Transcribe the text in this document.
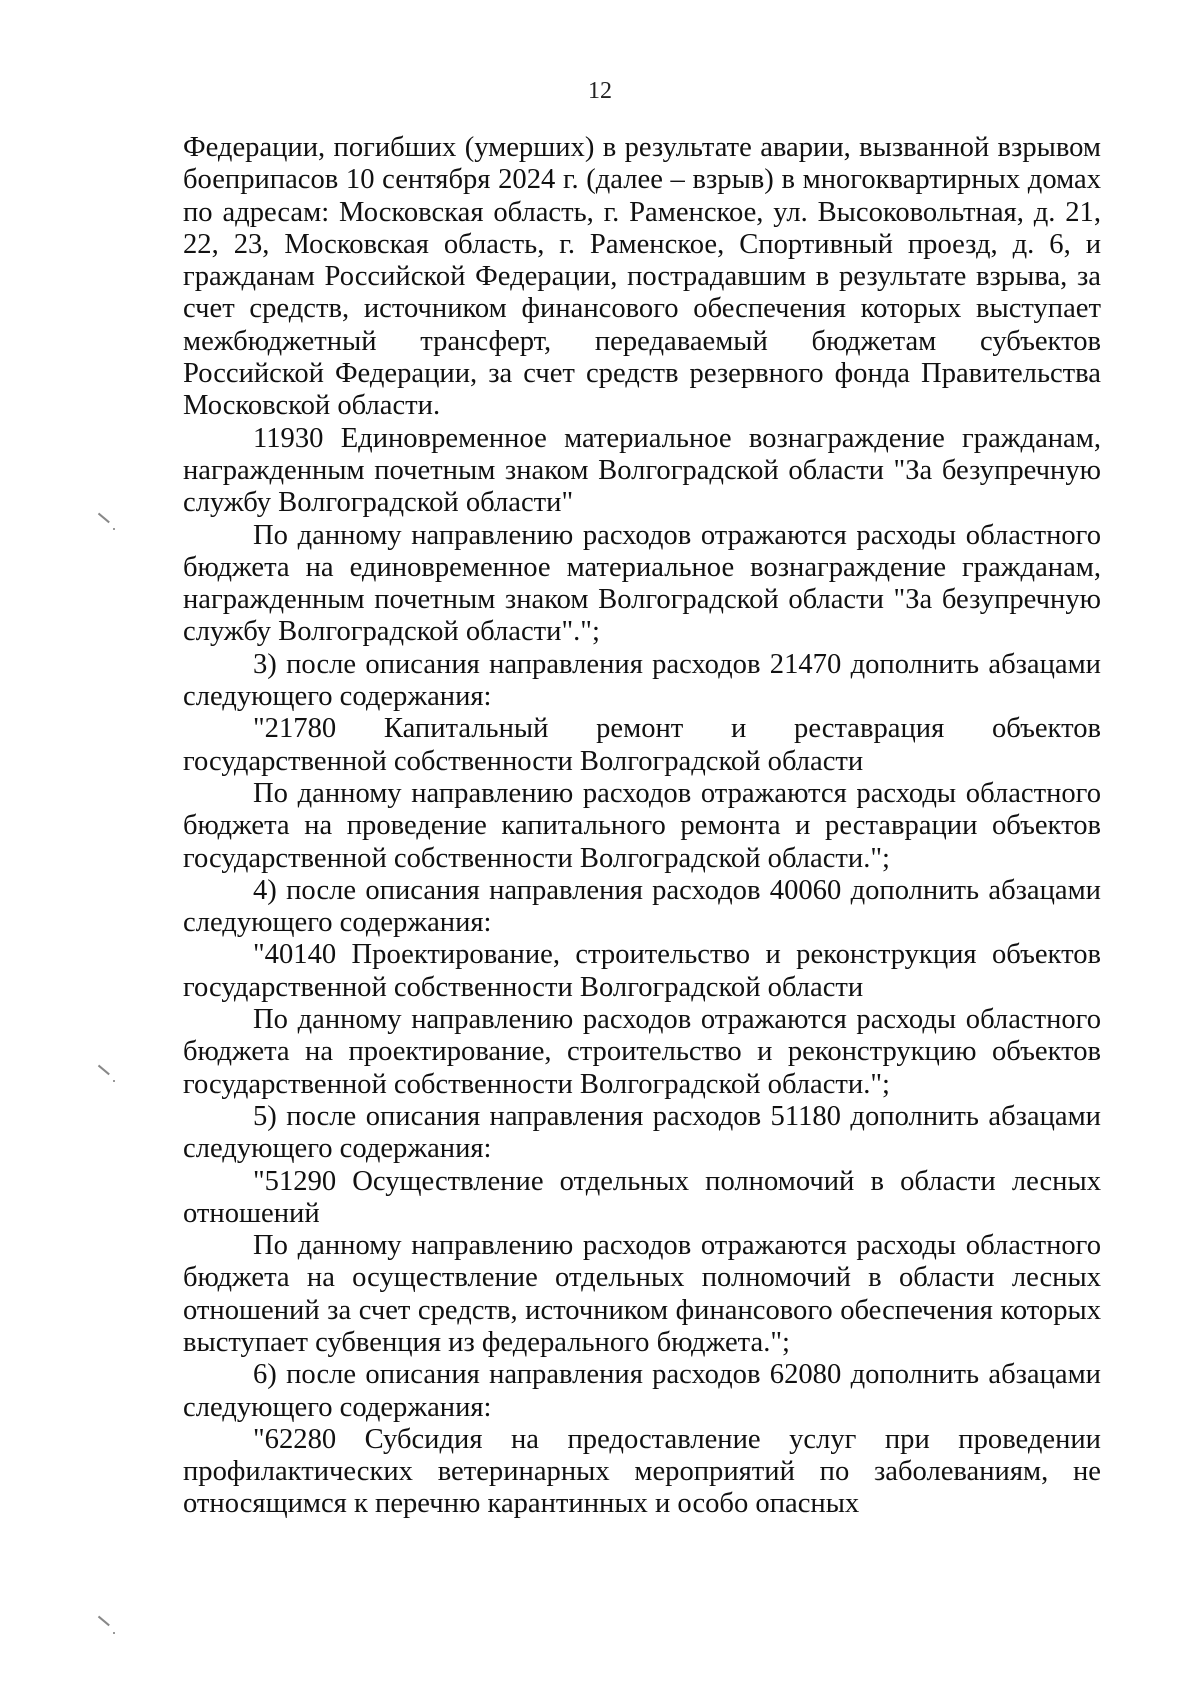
12

Федерации, погибших (умерших) в результате аварии, вызванной взрывом боеприпасов 10 сентября 2024 г. (далее – взрыв) в многоквартирных домах по адресам: Московская область, г. Раменское, ул. Высоковольтная, д. 21, 22, 23, Московская область, г. Раменское, Спортивный проезд, д. 6, и гражданам Российской Федерации, пострадавшим в результате взрыва, за счет средств, источником финансового обеспечения которых выступает межбюджетный трансферт, передаваемый бюджетам субъектов Российской Федерации, за счет средств резервного фонда Правительства Московской области.

11930 Единовременное материальное вознаграждение гражданам, награжденным почетным знаком Волгоградской области "За безупречную службу Волгоградской области"

По данному направлению расходов отражаются расходы областного бюджета на единовременное материальное вознаграждение гражданам, награжденным почетным знаком Волгоградской области "За безупречную службу Волгоградской области".";

3) после описания направления расходов 21470 дополнить абзацами следующего содержания:

"21780 Капитальный ремонт и реставрация объектов государственной собственности Волгоградской области

По данному направлению расходов отражаются расходы областного бюджета на проведение капитального ремонта и реставрации объектов государственной собственности Волгоградской области.";

4) после описания направления расходов 40060 дополнить абзацами следующего содержания:

"40140 Проектирование, строительство и реконструкция объектов государственной собственности Волгоградской области

По данному направлению расходов отражаются расходы областного бюджета на проектирование, строительство и реконструкцию объектов государственной собственности Волгоградской области.";

5) после описания направления расходов 51180 дополнить абзацами следующего содержания:

"51290 Осуществление отдельных полномочий в области лесных отношений

По данному направлению расходов отражаются расходы областного бюджета на осуществление отдельных полномочий в области лесных отношений за счет средств, источником финансового обеспечения которых выступает субвенция из федерального бюджета.";

6) после описания направления расходов 62080 дополнить абзацами следующего содержания:

"62280 Субсидия на предоставление услуг при проведении профилактических ветеринарных мероприятий по заболеваниям, не относящимся к перечню карантинных и особо опасных
